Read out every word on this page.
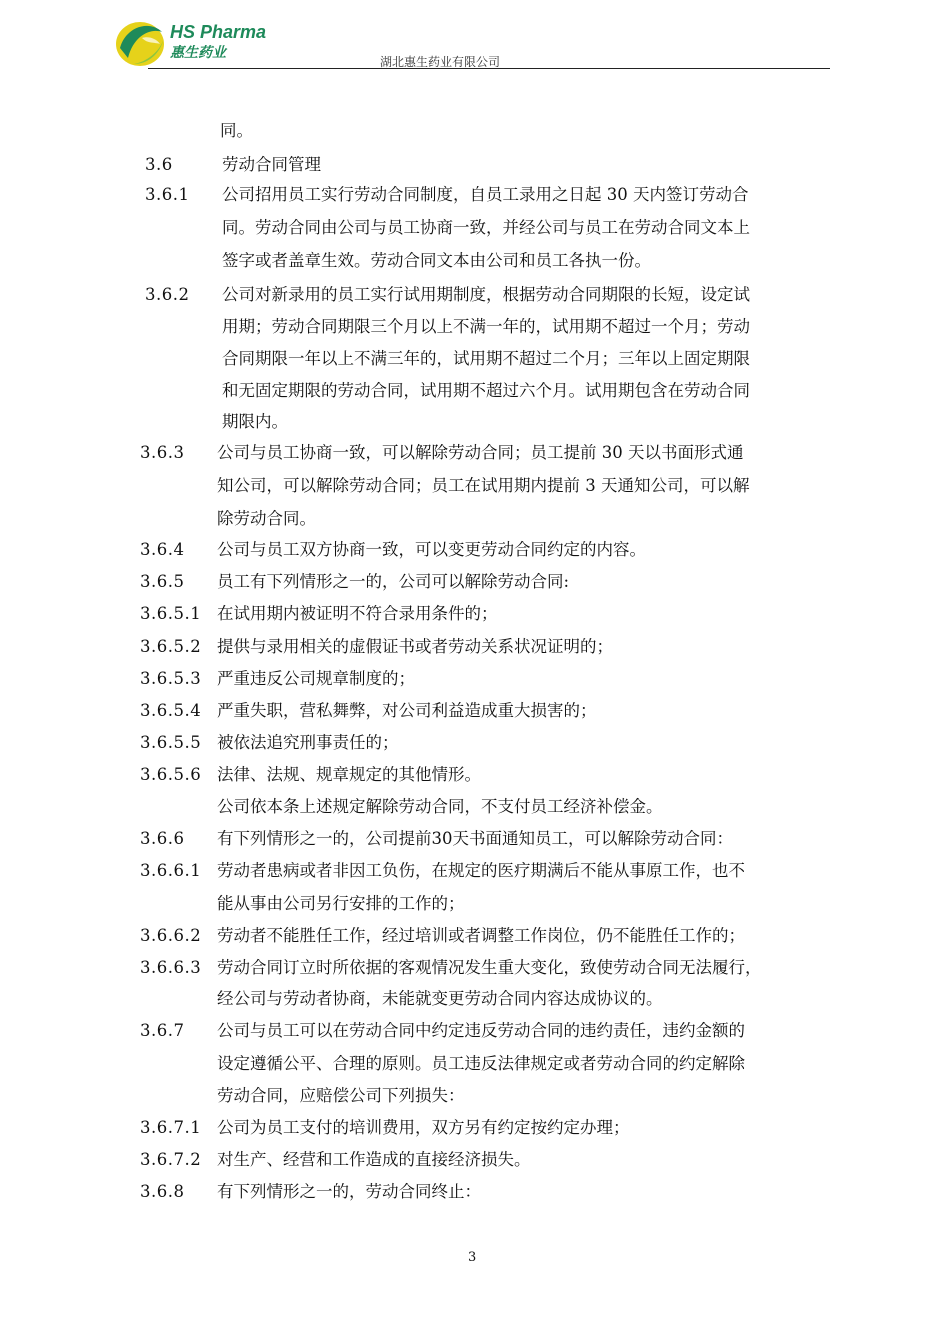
HS Pharma
惠生药业
湖北惠生药业有限公司
同。
3.6	劳动合同管理
3.6.1 公司招用员工实行劳动合同制度，自员工录用之日起 30 天内签订劳动合
同。劳动合同由公司与员工协商一致，并经公司与员工在劳动合同文本上
签字或者盖章生效。劳动合同文本由公司和员工各执一份。
3.6.2 公司对新录用的员工实行试用期制度，根据劳动合同期限的长短，设定试
用期；劳动合同期限三个月以上不满一年的，试用期不超过一个月；劳动
合同期限一年以上不满三年的，试用期不超过二个月；三年以上固定期限
和无固定期限的劳动合同，试用期不超过六个月。试用期包含在劳动合同
期限内。
3.6.3 公司与员工协商一致，可以解除劳动合同；员工提前 30 天以书面形式通
知公司，可以解除劳动合同；员工在试用期内提前 3 天通知公司，可以解
除劳动合同。
3.6.4 公司与员工双方协商一致，可以变更劳动合同约定的内容。
3.6.5 员工有下列情形之一的，公司可以解除劳动合同:
3.6.5.1 在试用期内被证明不符合录用条件的；
3.6.5.2 提供与录用相关的虚假证书或者劳动关系状况证明的；
3.6.5.3 严重违反公司规章制度的；
3.6.5.4 严重失职，营私舞弊，对公司利益造成重大损害的；
3.6.5.5 被依法追究刑事责任的；
3.6.5.6 法律、法规、规章规定的其他情形。
公司依本条上述规定解除劳动合同，不支付员工经济补偿金。
3.6.6 有下列情形之一的，公司提前30天书面通知员工，可以解除劳动合同：
3.6.6.1 劳动者患病或者非因工负伤，在规定的医疗期满后不能从事原工作，也不
能从事由公司另行安排的工作的；
3.6.6.2 劳动者不能胜任工作，经过培训或者调整工作岗位，仍不能胜任工作的；
3.6.6.3 劳动合同订立时所依据的客观情况发生重大变化，致使劳动合同无法履行，
经公司与劳动者协商，未能就变更劳动合同内容达成协议的。
3.6.7 公司与员工可以在劳动合同中约定违反劳动合同的违约责任，违约金额的
设定遵循公平、合理的原则。员工违反法律规定或者劳动合同的约定解除
劳动合同，应赔偿公司下列损失：
3.6.7.1 公司为员工支付的培训费用，双方另有约定按约定办理；
3.6.7.2 对生产、经营和工作造成的直接经济损失。
3.6.8 有下列情形之一的，劳动合同终止：
3
